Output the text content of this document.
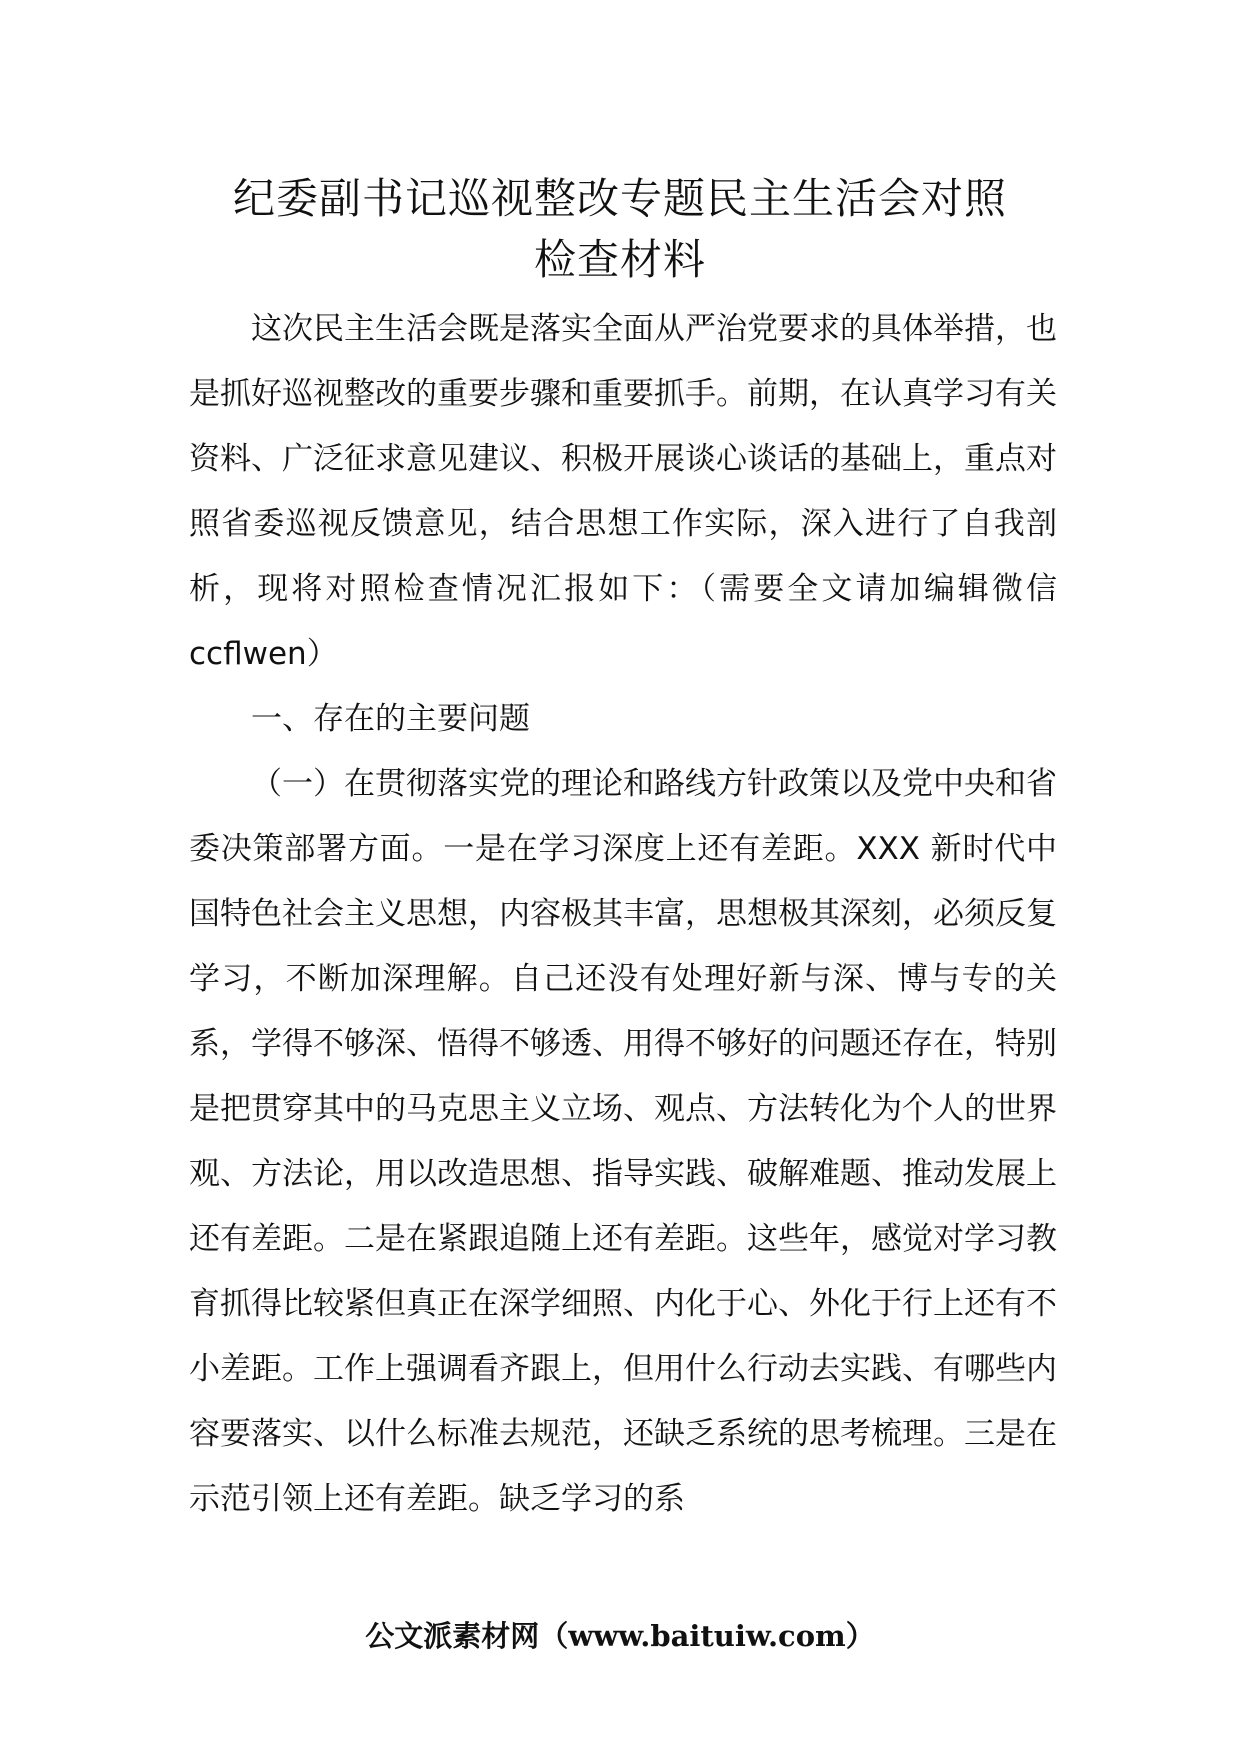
纪委副书记巡视整改专题民主生活会对照
检查材料

这次民主生活会既是落实全面从严治党要求的具体举措，也是抓好巡视整改的重要步骤和重要抓手。前期，在认真学习有关资料、广泛征求意见建议、积极开展谈心谈话的基础上，重点对照省委巡视反馈意见，结合思想工作实际，深入进行了自我剖析，现将对照检查情况汇报如下：（需要全文请加编辑微信 ccflwen）

一、存在的主要问题

（一）在贯彻落实党的理论和路线方针政策以及党中央和省委决策部署方面。一是在学习深度上还有差距。XXX 新时代中国特色社会主义思想，内容极其丰富，思想极其深刻，必须反复学习，不断加深理解。自己还没有处理好新与深、博与专的关系，学得不够深、悟得不够透、用得不够好的问题还存在，特别是把贯穿其中的马克思主义立场、观点、方法转化为个人的世界观、方法论，用以改造思想、指导实践、破解难题、推动发展上还有差距。二是在紧跟追随上还有差距。这些年，感觉对学习教育抓得比较紧但真正在深学细照、内化于心、外化于行上还有不小差距。工作上强调看齐跟上，但用什么行动去实践、有哪些内容要落实、以什么标准去规范，还缺乏系统的思考梳理。三是在示范引领上还有差距。缺乏学习的系

公文派素材网（www.baituiw.com）
